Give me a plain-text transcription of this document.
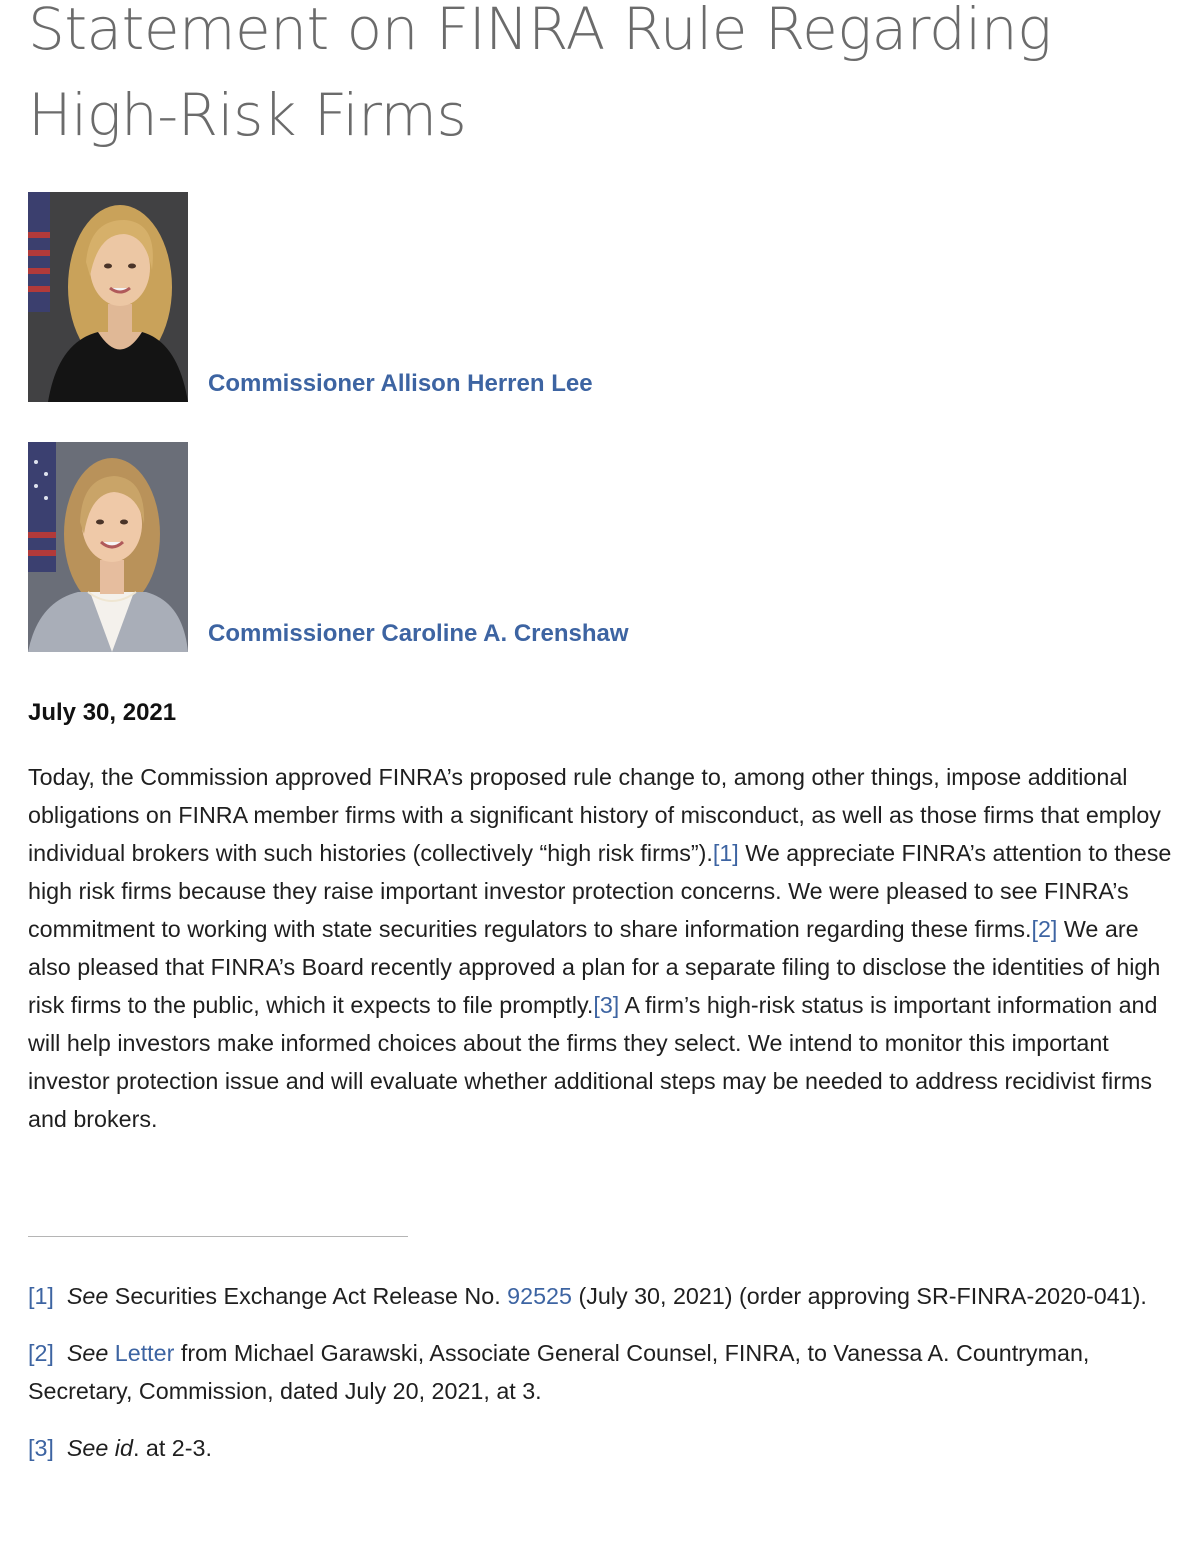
Statement on FINRA Rule Regarding High-Risk Firms
Commissioner Allison Herren Lee
Commissioner Caroline A. Crenshaw
July 30, 2021

Today, the Commission approved FINRA’s proposed rule change to, among other things, impose additional obligations on FINRA member firms with a significant history of misconduct, as well as those firms that employ individual brokers with such histories (collectively “high risk firms”).[1] We appreciate FINRA’s attention to these high risk firms because they raise important investor protection concerns. We were pleased to see FINRA’s commitment to working with state securities regulators to share information regarding these firms.[2] We are also pleased that FINRA’s Board recently approved a plan for a separate filing to disclose the identities of high risk firms to the public, which it expects to file promptly.[3] A firm’s high-risk status is important information and will help investors make informed choices about the firms they select. We intend to monitor this important investor protection issue and will evaluate whether additional steps may be needed to address recidivist firms and brokers.

[1] See Securities Exchange Act Release No. 92525 (July 30, 2021) (order approving SR-FINRA-2020-041).
[2] See Letter from Michael Garawski, Associate General Counsel, FINRA, to Vanessa A. Countryman, Secretary, Commission, dated July 20, 2021, at 3.
[3] See id. at 2-3.
